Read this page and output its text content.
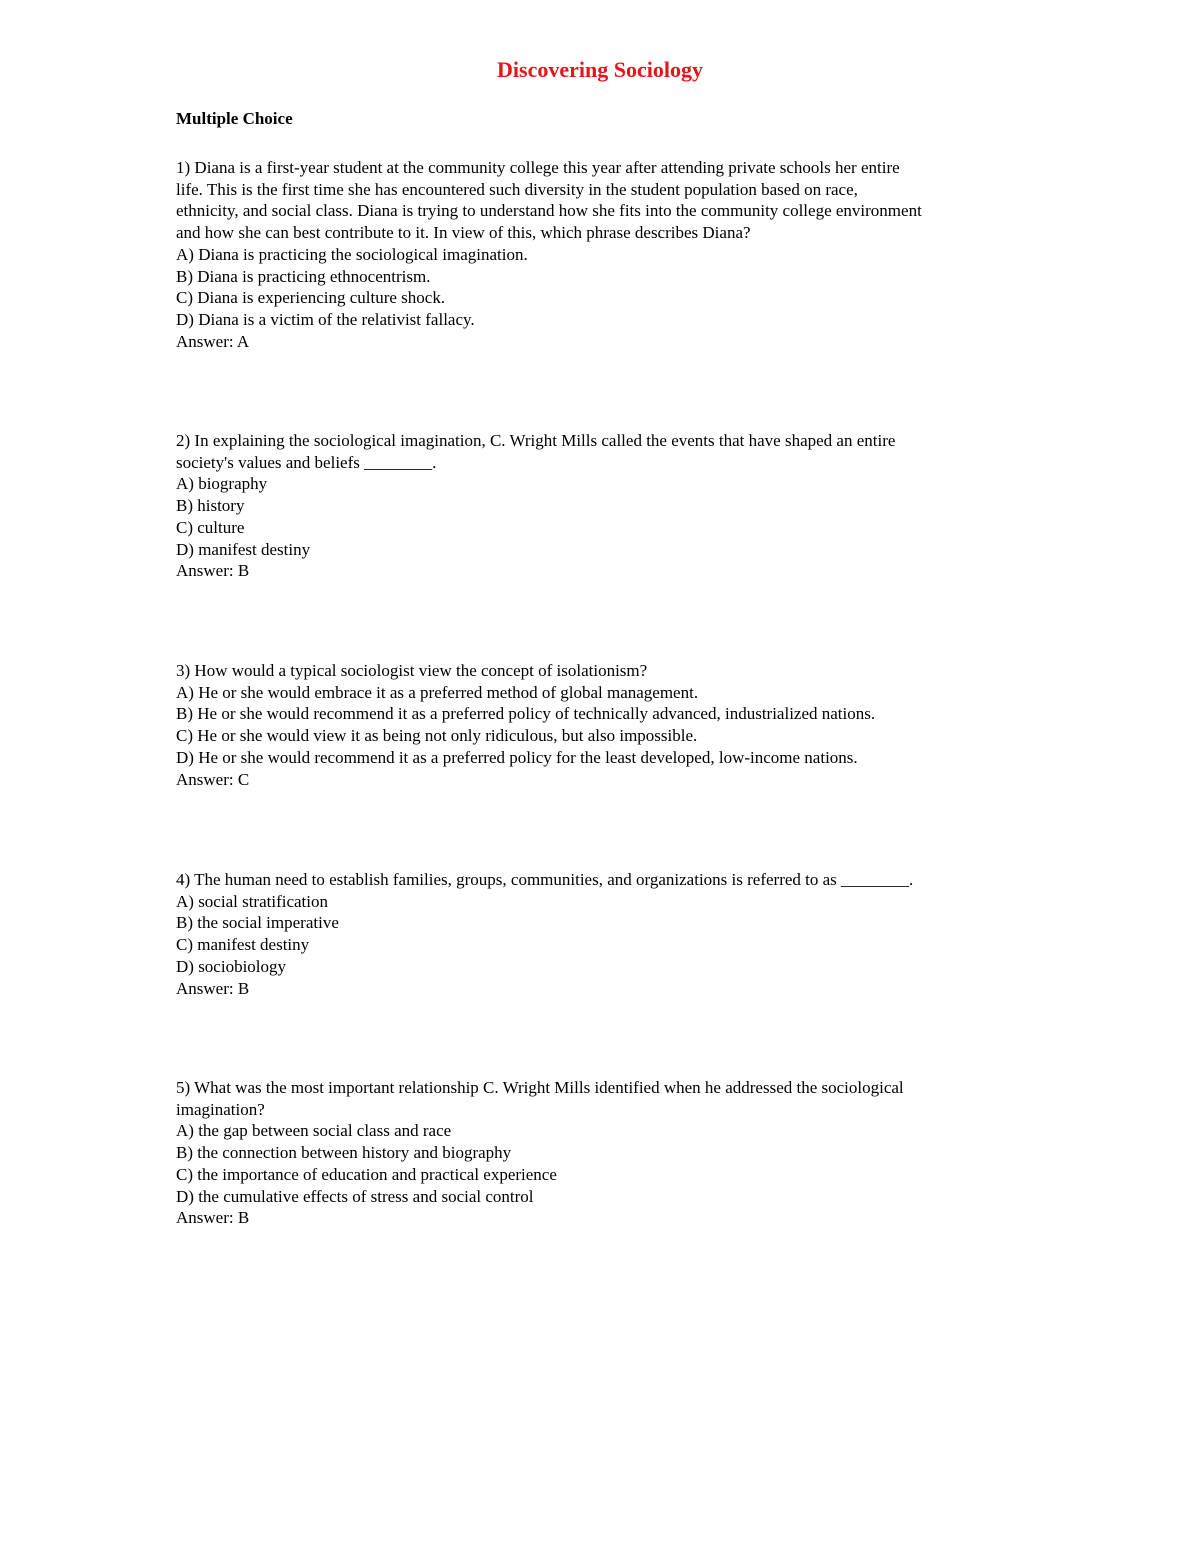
Discovering Sociology
Multiple Choice
1) Diana is a first-year student at the community college this year after attending private schools her entire
life. This is the first time she has encountered such diversity in the student population based on race,
ethnicity, and social class. Diana is trying to understand how she fits into the community college environment
and how she can best contribute to it. In view of this, which phrase describes Diana?
A) Diana is practicing the sociological imagination.
B) Diana is practicing ethnocentrism.
C) Diana is experiencing culture shock.
D) Diana is a victim of the relativist fallacy.
Answer: A
2) In explaining the sociological imagination, C. Wright Mills called the events that have shaped an entire
society's values and beliefs ________.
A) biography
B) history
C) culture
D) manifest destiny
Answer: B
3) How would a typical sociologist view the concept of isolationism?
A) He or she would embrace it as a preferred method of global management.
B) He or she would recommend it as a preferred policy of technically advanced, industrialized nations.
C) He or she would view it as being not only ridiculous, but also impossible.
D) He or she would recommend it as a preferred policy for the least developed, low-income nations.
Answer: C
4) The human need to establish families, groups, communities, and organizations is referred to as ________.
A) social stratification
B) the social imperative
C) manifest destiny
D) sociobiology
Answer: B
5) What was the most important relationship C. Wright Mills identified when he addressed the sociological
imagination?
A) the gap between social class and race
B) the connection between history and biography
C) the importance of education and practical experience
D) the cumulative effects of stress and social control
Answer: B
